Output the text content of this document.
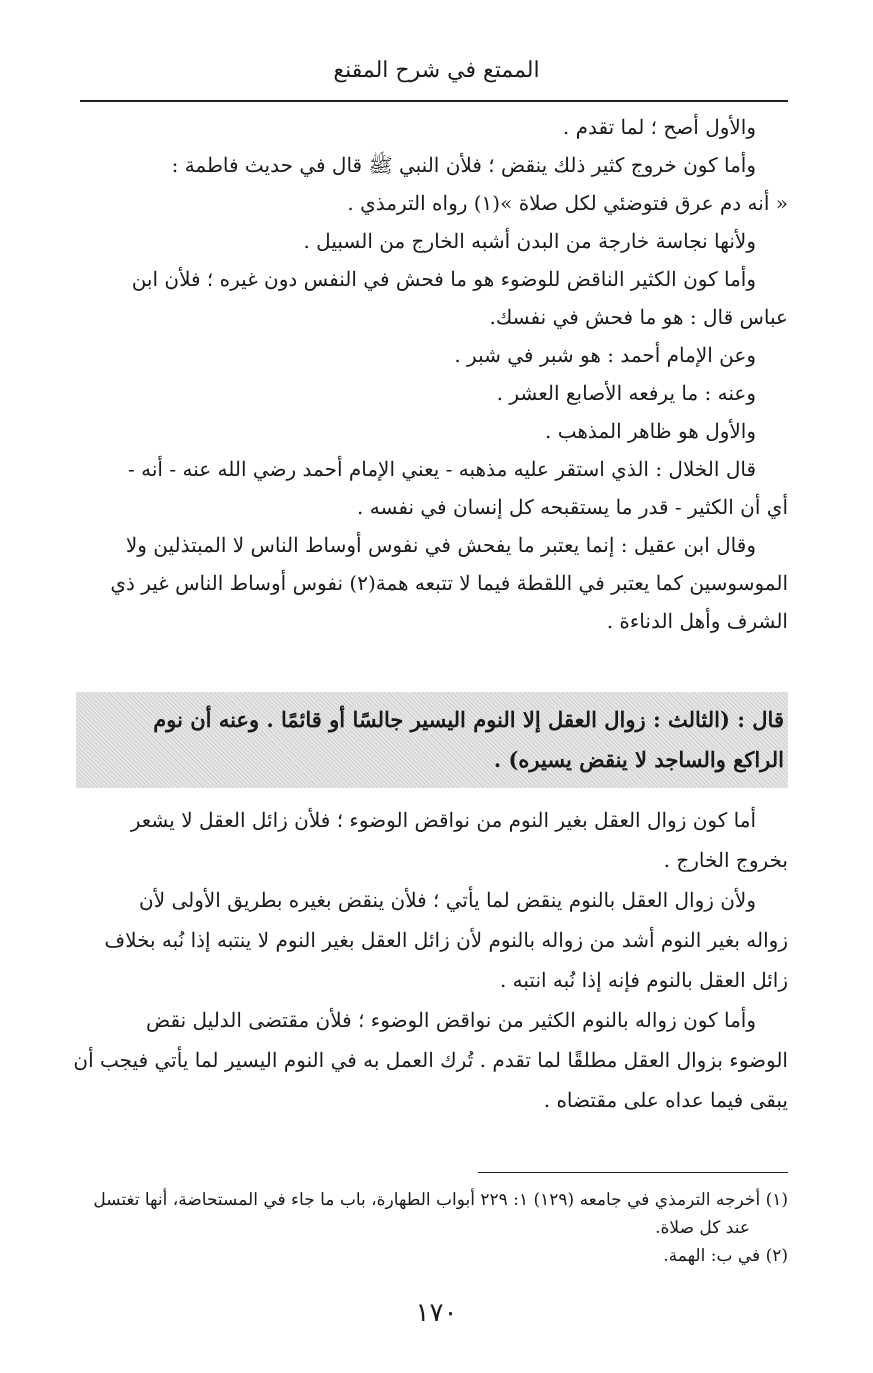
الممتع في شرح المقنع
والأول أصح ؛ لما تقدم .
وأما كون خروج كثير ذلك ينقض ؛ فلأن النبي ﷺ قال في حديث فاطمة :
« أنه دم عرق فتوضئي لكل صلاة »(١) رواه الترمذي .
ولأنها نجاسة خارجة من البدن أشبه الخارج من السبيل .
وأما كون الكثير الناقض للوضوء هو ما فحش في النفس دون غيره ؛ فلأن ابن
عباس قال : هو ما فحش في نفسك.
وعن الإمام أحمد : هو شبر في شبر .
وعنه : ما يرفعه الأصابع العشر .
والأول هو ظاهر المذهب .
قال الخلال : الذي استقر عليه مذهبه - يعني الإمام أحمد رضي الله عنه - أنه -
أي أن الكثير - قدر ما يستقبحه كل إنسان في نفسه .
وقال ابن عقيل : إنما يعتبر ما يفحش في نفوس أوساط الناس لا المبتذلين ولا
الموسوسين كما يعتبر في اللقطة فيما لا تتبعه همة(٢) نفوس أوساط الناس غير ذي
الشرف وأهل الدناءة .
قال : (الثالث : زوال العقل إلا النوم اليسير جالسًا أو قائمًا . وعنه أن نوم
الراكع والساجد لا ينقض يسيره) .
أما كون زوال العقل بغير النوم من نواقض الوضوء ؛ فلأن زائل العقل لا يشعر
بخروج الخارج .
ولأن زوال العقل بالنوم ينقض لما يأتي ؛ فلأن ينقض بغيره بطريق الأولى لأن
زواله بغير النوم أشد من زواله بالنوم لأن زائل العقل بغير النوم لا ينتبه إذا نُبه بخلاف
زائل العقل بالنوم فإنه إذا نُبه انتبه .
وأما كون زواله بالنوم الكثير من نواقض الوضوء ؛ فلأن مقتضى الدليل نقض
الوضوء بزوال العقل مطلقًا لما تقدم . تُرك العمل به في النوم اليسير لما يأتي فيجب أن
يبقى فيما عداه على مقتضاه .
(١) أخرجه الترمذي في جامعه (١٢٩) ١: ٢٢٩ أبواب الطهارة، باب ما جاء في المستحاضة، أنها تغتسل
عند كل صلاة.
(٢) في ب: الهمة.
١٧٠
